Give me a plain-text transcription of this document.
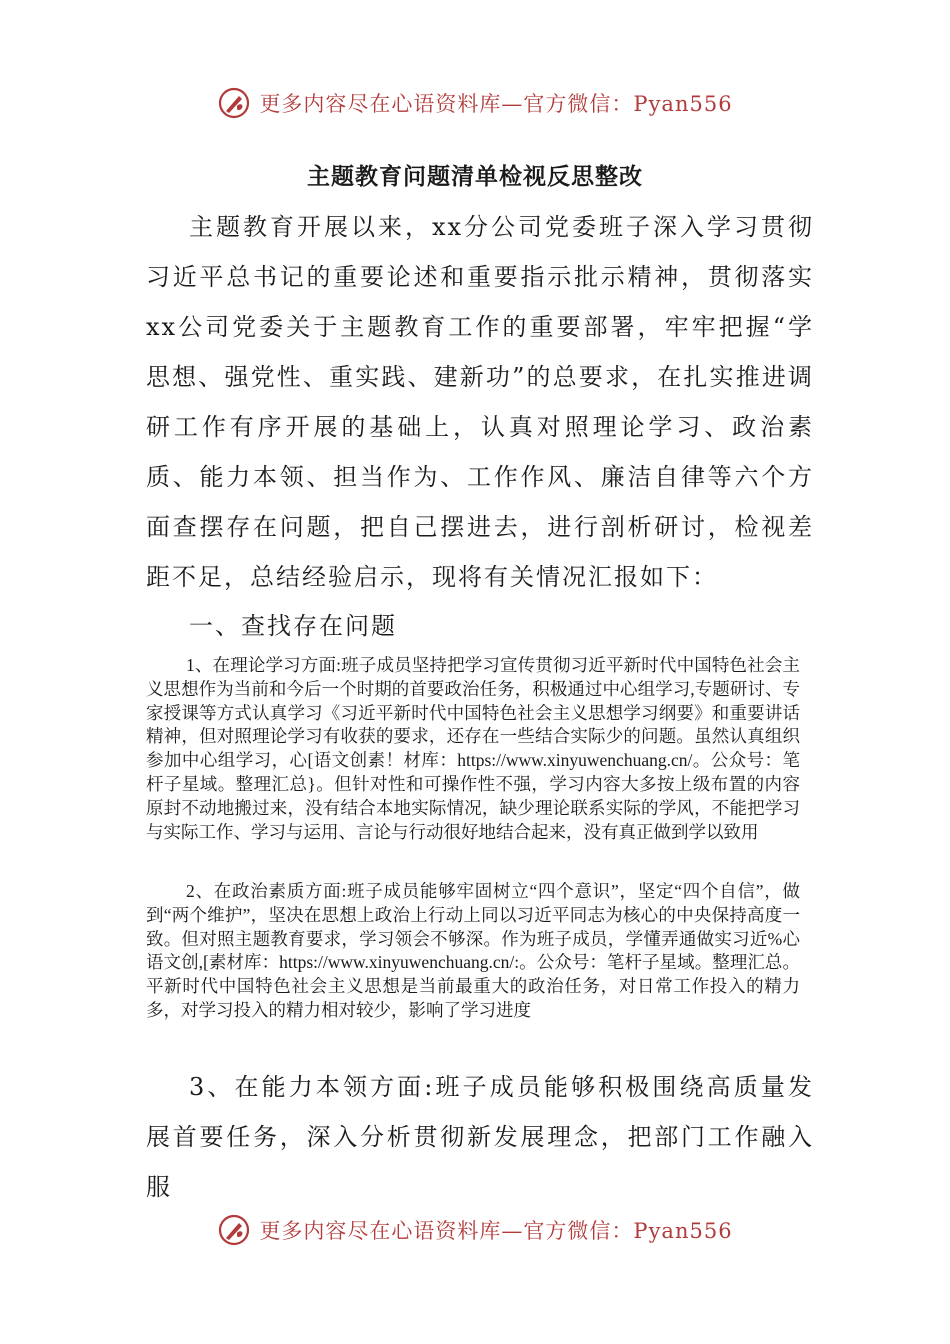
更多内容尽在心语资料库—官方微信：Pyan556
主题教育问题清单检视反思整改

主题教育开展以来，xx分公司党委班子深入学习贯彻习近平总书记的重要论述和重要指示批示精神，贯彻落实xx公司党委关于主题教育工作的重要部署，牢牢把握“学思想、强党性、重实践、建新功”的总要求，在扎实推进调研工作有序开展的基础上，认真对照理论学习、政治素质、能力本领、担当作为、工作作风、廉洁自律等六个方面查摆存在问题，把自己摆进去，进行剖析研讨，检视差距不足，总结经验启示，现将有关情况汇报如下：

一、查找存在问题

1、在理论学习方面:班子成员坚持把学习宣传贯彻习近平新时代中国特色社会主义思想作为当前和今后一个时期的首要政治任务，积极通过中心组学习,专题研讨、专家授课等方式认真学习《习近平新时代中国特色社会主义思想学习纲要》和重要讲话精神，但对照理论学习有收获的要求，还存在一些结合实际少的问题。虽然认真组织参加中心组学习，心[语文创素！材库：https://www.xinyuwenchuang.cn/。公众号：笔杆子星域。整理汇总}。但针对性和可操作性不强，学习内容大多按上级布置的内容原封不动地搬过来，没有结合本地实际情况，缺少理论联系实际的学风，不能把学习与实际工作、学习与运用、言论与行动很好地结合起来，没有真正做到学以致用

2、在政治素质方面:班子成员能够牢固树立“四个意识”，坚定“四个自信”，做到“两个维护”，坚决在思想上政治上行动上同以习近平同志为核心的中央保持高度一致。但对照主题教育要求，学习领会不够深。作为班子成员，学懂弄通做实习近%心语文创,[素材库：https://www.xinyuwenchuang.cn/:。公众号：笔杆子星域。整理汇总。平新时代中国特色社会主义思想是当前最重大的政治任务，对日常工作投入的精力多，对学习投入的精力相对较少，影响了学习进度

3、在能力本领方面:班子成员能够积极围绕高质量发展首要任务，深入分析贯彻新发展理念，把部门工作融入服

更多内容尽在心语资料库—官方微信：Pyan556
